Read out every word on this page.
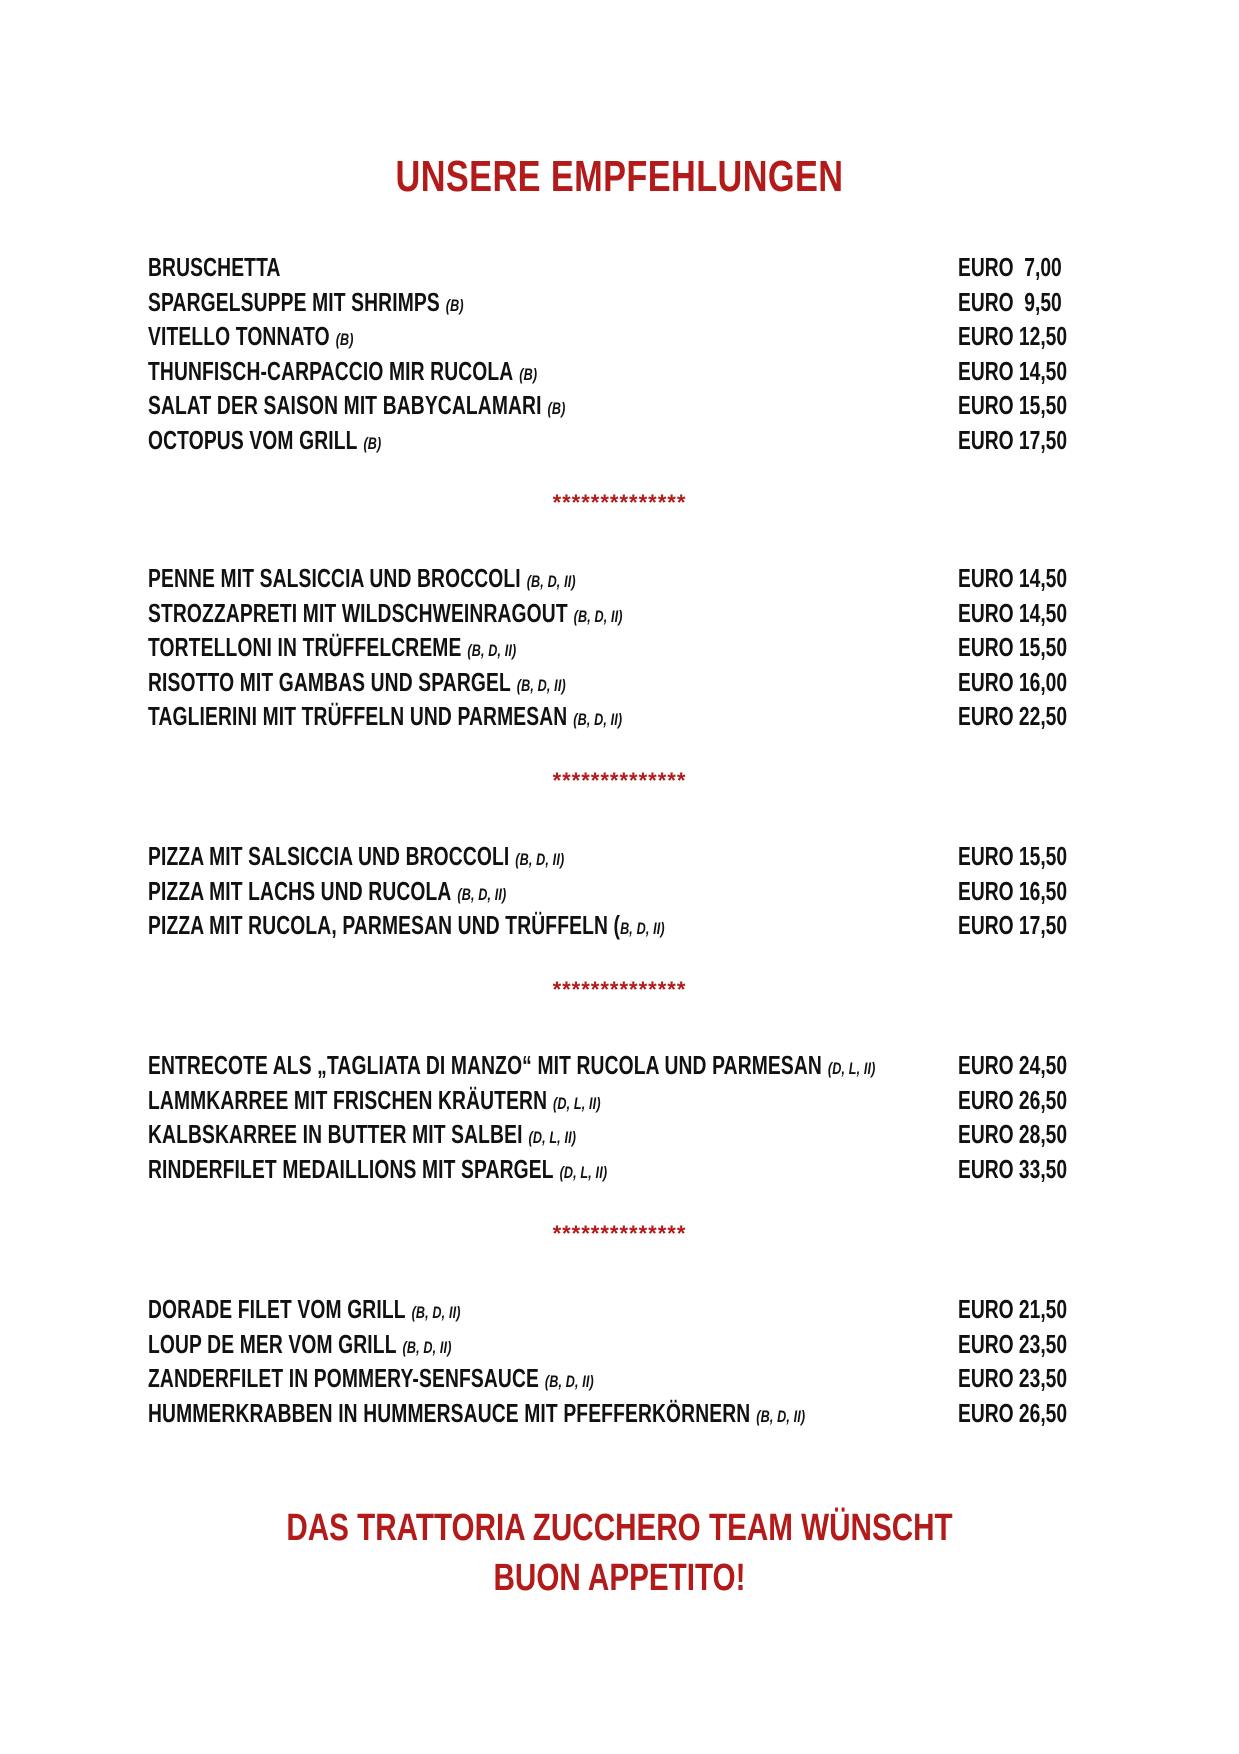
UNSERE EMPFEHLUNGEN
BRUSCHETTA	EURO  7,00
SPARGELSUPPE MIT SHRIMPS (B)	EURO  9,50
VITELLO TONNATO (B)	EURO 12,50
THUNFISCH-CARPACCIO MIR RUCOLA (B)	EURO 14,50
SALAT DER SAISON MIT BABYCALAMARI (B)	EURO 15,50
OCTOPUS VOM GRILL (B)	EURO 17,50
**************
PENNE MIT SALSICCIA UND BROCCOLI (B, D, II)	EURO 14,50
STROZZAPRETI MIT WILDSCHWEINRAGOUT (B, D, II)	EURO 14,50
TORTELLONI IN TRÜFFELCREME (B, D, II)	EURO 15,50
RISOTTO MIT GAMBAS UND SPARGEL (B, D, II)	EURO 16,00
TAGLIERINI MIT TRÜFFELN UND PARMESAN (B, D, II)	EURO 22,50
**************
PIZZA MIT SALSICCIA UND BROCCOLI (B, D, II)	EURO 15,50
PIZZA MIT LACHS UND RUCOLA (B, D, II)	EURO 16,50
PIZZA MIT RUCOLA, PARMESAN UND TRÜFFELN (B, D, II)	EURO 17,50
**************
ENTRECOTE ALS „TAGLIATA DI MANZO“ MIT RUCOLA UND PARMESAN (D, L, II)	EURO 24,50
LAMMKARREE MIT FRISCHEN KRÄUTERN (D, L, II)	EURO 26,50
KALBSKARREE IN BUTTER MIT SALBEI (D, L, II)	EURO 28,50
RINDERFILET MEDAILLIONS MIT SPARGEL (D, L, II)	EURO 33,50
**************
DORADE FILET VOM GRILL (B, D, II)	EURO 21,50
LOUP DE MER VOM GRILL (B, D, II)	EURO 23,50
ZANDERFILET IN POMMERY-SENFSAUCE (B, D, II)	EURO 23,50
HUMMERKRABBEN IN HUMMERSAUCE MIT PFEFFERKÖRNERN (B, D, II)	EURO 26,50
DAS TRATTORIA ZUCCHERO TEAM WÜNSCHT
BUON APPETITO!
